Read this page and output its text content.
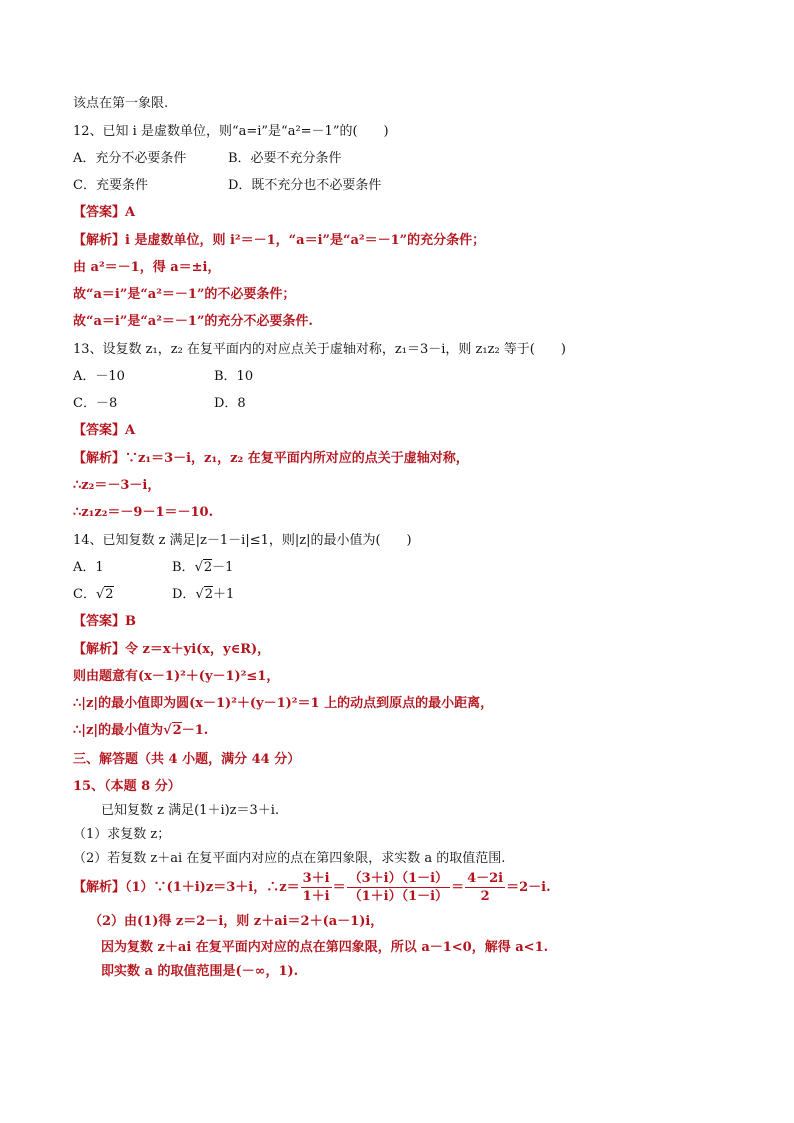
该点在第一象限.
12、已知 i 是虚数单位，则“a=i”是“a²=－1”的(　　)
A．充分不必要条件	B．必要不充分条件
C．充要条件	D．既不充分也不必要条件
【答案】A
【解析】i 是虚数单位，则 i²＝－1，“a＝i”是“a²＝－1”的充分条件；
由 a²＝－1，得 a＝±i，
故“a＝i”是“a²＝－1”的不必要条件；
故“a＝i”是“a²＝－1”的充分不必要条件.
13、设复数 z₁，z₂ 在复平面内的对应点关于虚轴对称，z₁＝3－i，则 z₁z₂ 等于(　　)
A．－10	B．10
C．－8	D．8
【答案】A
【解析】∵z₁＝3－i，z₁，z₂ 在复平面内所对应的点关于虚轴对称，
∴z₂＝－3－i，
∴z₁z₂＝－9－1＝－10.
14、已知复数 z 满足|z－1－i|≤1，则|z|的最小值为(　　)
A．1	B．√2－1
C．√2	D．√2＋1
【答案】B
【解析】令 z＝x＋yi(x，y∈R)，
则由题意有(x－1)²＋(y－1)²≤1，
∴|z|的最小值即为圆(x－1)²＋(y－1)²＝1 上的动点到原点的最小距离，
∴|z|的最小值为√2－1.
三、解答题（共 4 小题，满分 44 分）
15、（本题 8 分）
已知复数 z 满足(1＋i)z＝3＋i.
（1）求复数 z；
（2）若复数 z＋ai 在复平面内对应的点在第四象限，求实数 a 的取值范围.
【解析】（1）∵(1＋i)z＝3＋i，∴z＝ $\frac{3+i}{1+i} = \frac{(3+i)(1-i)}{(1+i)(1-i)} = \frac{4-2i}{2} =2-i$.
（2）由(1)得 z＝2－i，则 z＋ai＝2＋(a－1)i，
因为复数 z＋ai 在复平面内对应的点在第四象限，所以 a－1<0，解得 a<1.
即实数 a 的取值范围是(－∞，1).
